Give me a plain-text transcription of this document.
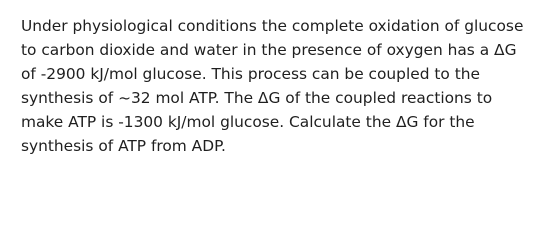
Under physiological conditions the complete oxidation of glucose
to carbon dioxide and water in the presence of oxygen has a ΔG
of -2900 kJ/mol glucose. This process can be coupled to the
synthesis of ~32 mol ATP. The ΔG of the coupled reactions to
make ATP is -1300 kJ/mol glucose. Calculate the ΔG for the
synthesis of ATP from ADP.
